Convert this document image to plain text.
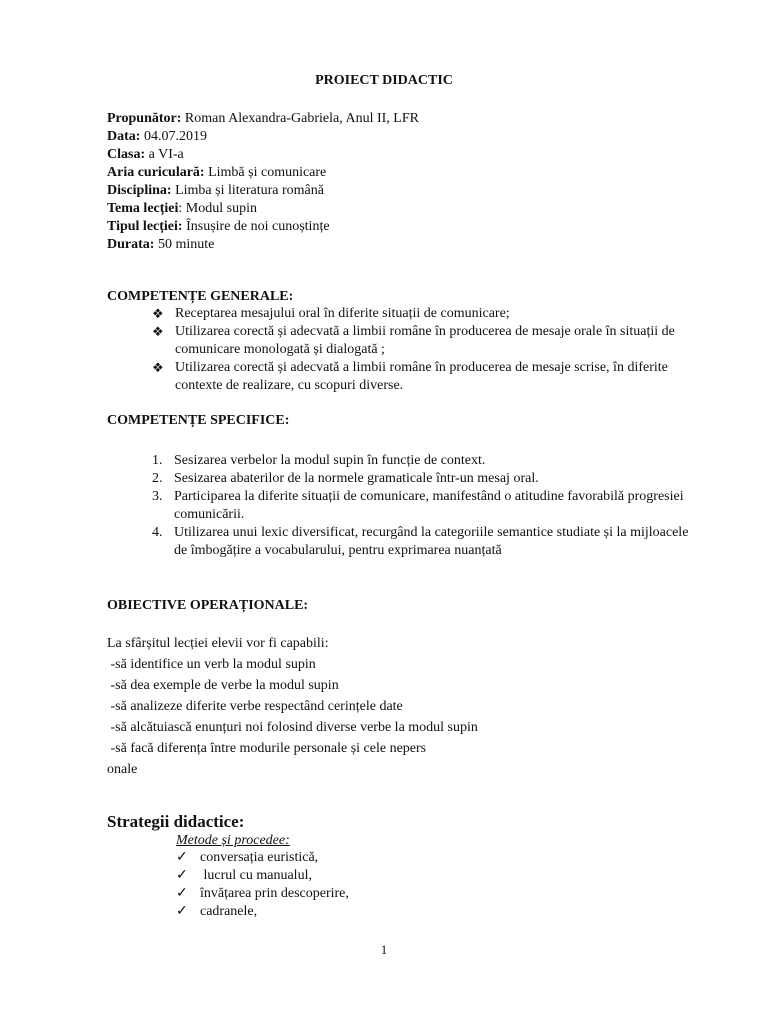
PROIECT DIDACTIC
Propunător: Roman Alexandra-Gabriela, Anul II, LFR
Data: 04.07.2019
Clasa: a VI-a
Aria curiculară: Limbă și comunicare
Disciplina: Limba și literatura română
Tema lecției: Modul supin
Tipul lecției: Însușire de noi cunoștințe
Durata: 50 minute
COMPETENȚE GENERALE:
❖ Receptarea mesajului oral în diferite situații de comunicare;
❖ Utilizarea corectă și adecvată a limbii române în producerea de mesaje orale în situații de comunicare monologată și dialogată ;
❖ Utilizarea corectă și adecvată a limbii române în producerea de mesaje scrise, în diferite contexte de realizare, cu scopuri diverse.
COMPETENȚE SPECIFICE:
1. Sesizarea verbelor la modul supin în funcție de context.
2. Sesizarea abaterilor de la normele gramaticale într-un mesaj oral.
3. Participarea la diferite situații de comunicare, manifestând o atitudine favorabilă progresiei comunicării.
4. Utilizarea unui lexic diversificat, recurgând la categoriile semantice studiate și la mijloacele de îmbogățire a vocabularului, pentru exprimarea nuanțată
OBIECTIVE OPERAȚIONALE:
La sfârșitul lecției elevii vor fi capabili:
-să identifice un verb la modul supin
-să dea exemple de verbe la modul supin
-să analizeze diferite verbe respectând cerințele date
-să alcătuiască enunțuri noi folosind diverse verbe la modul supin
-să facă diferența între modurile personale și cele nepers
onale
Strategii didactice:
Metode și procedee:
✓ conversația euristică,
✓ lucrul cu manualul,
✓ învățarea prin descoperire,
✓ cadranele,
1
